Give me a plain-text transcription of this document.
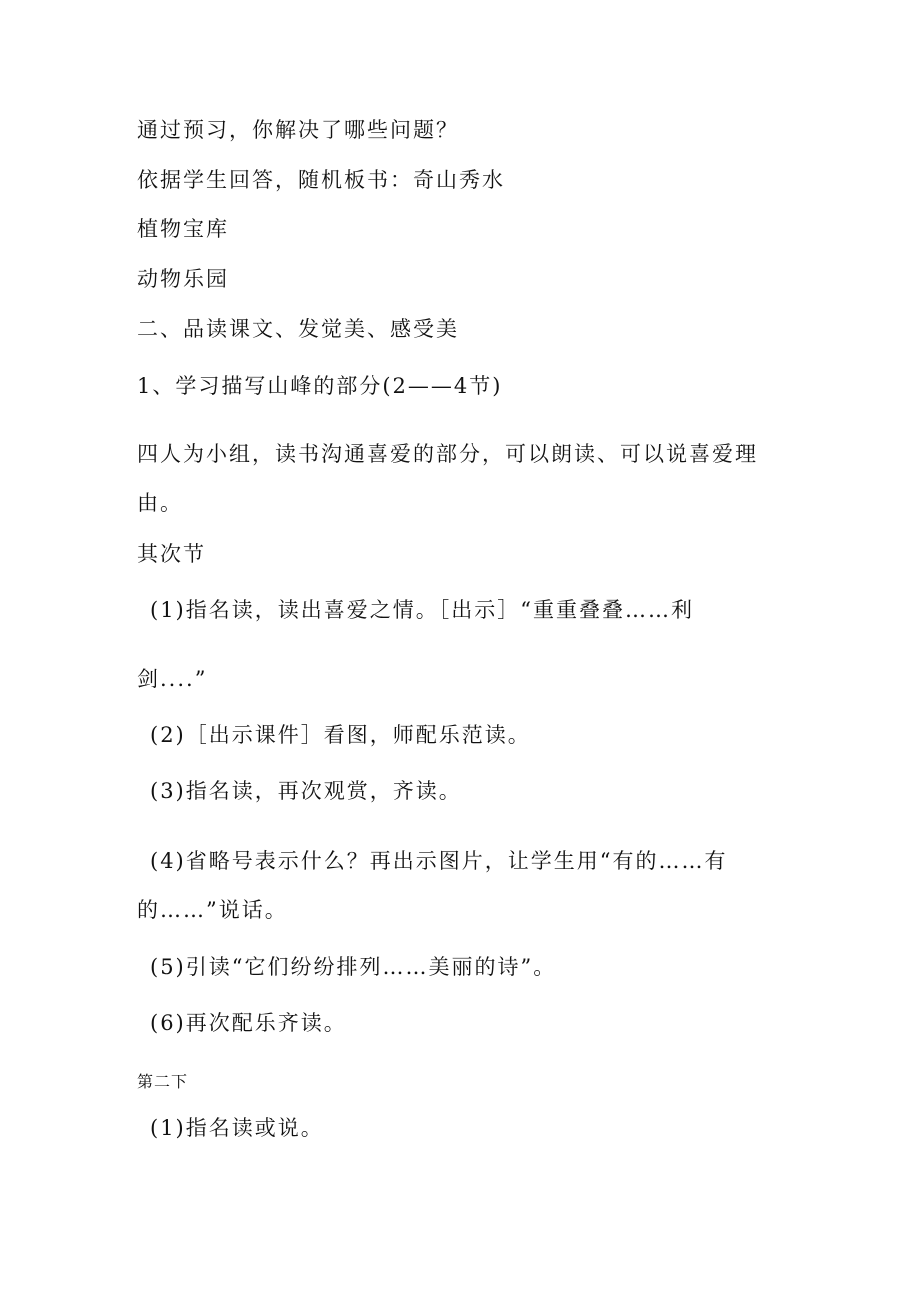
通过预习，你解决了哪些问题？
依据学生回答，随机板书：奇山秀水
植物宝库
动物乐园
二、品读课文、发觉美、感受美
1、学习描写山峰的部分(2——4节)
四人为小组，读书沟通喜爱的部分，可以朗读、可以说喜爱理
由。
其次节
(1)指名读，读出喜爱之情。［出示］“重重叠叠……利
剑....”
(2)［出示课件］看图，师配乐范读。
(3)指名读，再次观赏，齐读。
(4)省略号表示什么？再出示图片，让学生用“有的……有
的……”说话。
(5)引读“它们纷纷排列……美丽的诗”。
(6)再次配乐齐读。
第二下
(1)指名读或说。
